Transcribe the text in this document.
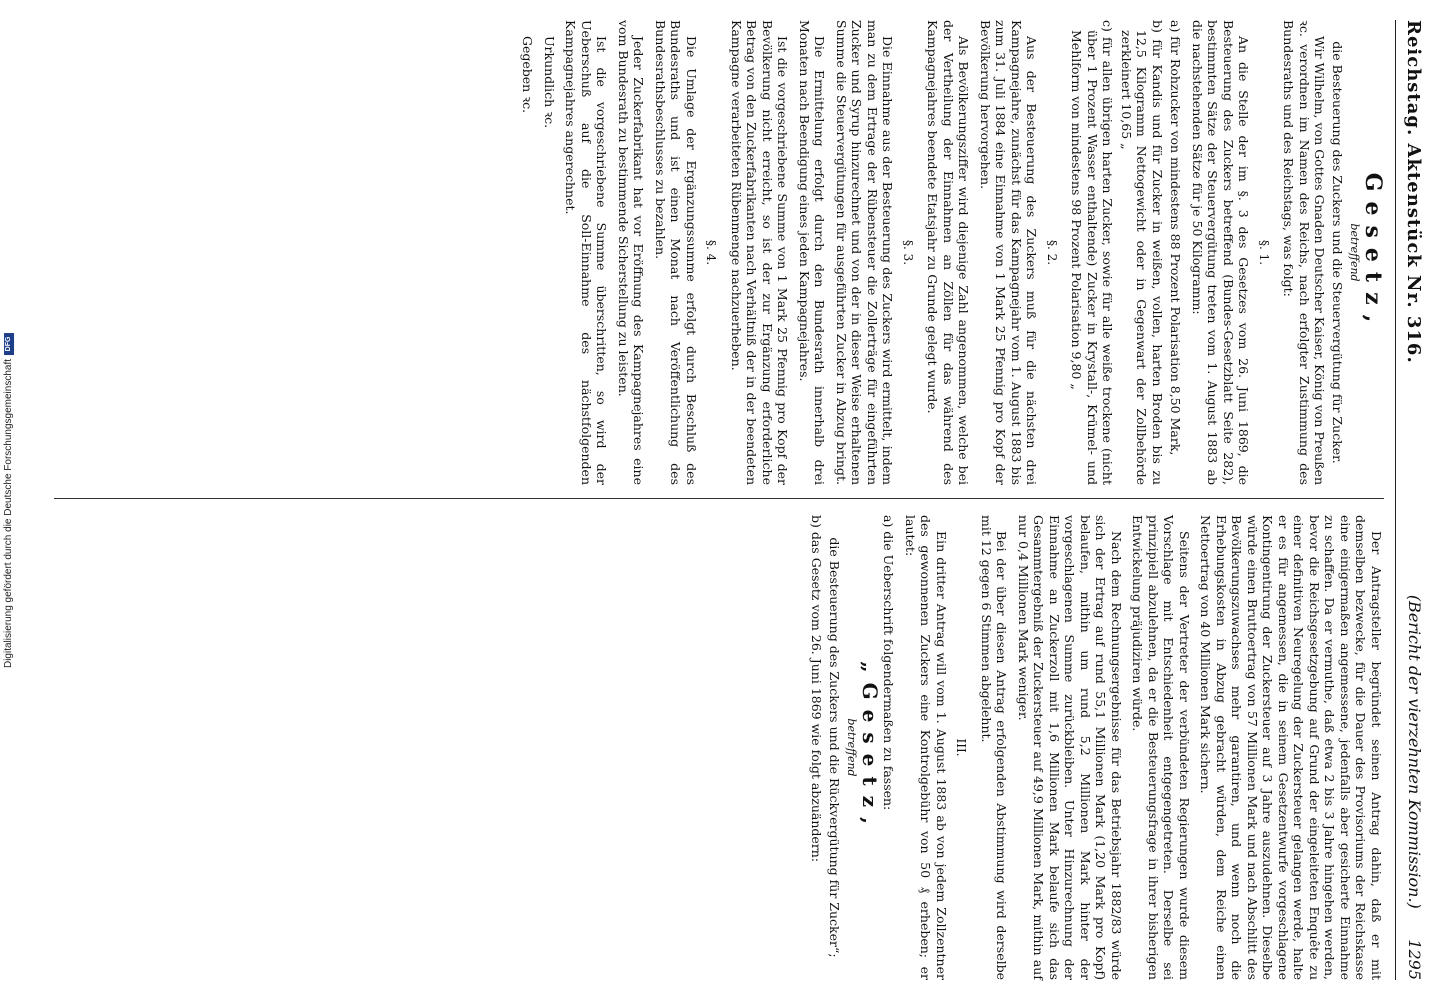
Digitalisierung gefördert durch die Deutsche Forschungsgemeinschaft
DFG	Reichstag. Aktenstück Nr. 316.
(Bericht der vierzehnten Kommission.)      1295
Gesetz,
betreffend
die Besteuerung des Zuckers und die Steuervergütung für Zucker.

Wir Wilhelm, von Gottes Gnaden Deutscher Kaiser, König von Preußen ꝛc. verordnen im Namen des Reichs, nach erfolgter Zustimmung des Bundesraths und des Reichstags, was folgt:

§. 1.

An die Stelle der im §. 3 des Gesetzes vom 26. Juni 1869, die Besteuerung des Zuckers betreffend (Bundes-Gesetzblatt Seite 282), bestimmten Sätze der Steuervergütung treten vom 1. August 1883 ab die nachstehenden Sätze für je 50 Kilogramm:

a) für Rohzucker von mindestens 88 Prozent Polarisation 8,50 Mark,
b) für Kandis und für Zucker in weißen, vollen, harten Broden bis zu 12,5 Kilogramm Nettogewicht oder in Gegenwart der Zollbehörde zerkleinert 10,65 „
c) für allen übrigen harten Zucker, sowie für alle weiße trockene (nicht über 1 Prozent Wasser enthaltende) Zucker in Krystall-, Krümel- und Mehlform von mindestens 98 Prozent Polarisation 9,80 „
§. 2.

Aus der Besteuerung des Zuckers muß für die nächsten drei Kampagnejahre, zunächst für das Kampagnejahr vom 1. August 1883 bis zum 31. Juli 1884 eine Einnahme von 1 Mark 25 Pfennig pro Kopf der Bevölkerung hervorgehen.

Als Bevölkerungsziffer wird diejenige Zahl angenommen, welche bei der Vertheilung der Einnahmen an Zöllen für das während des Kampagnejahres beendete Etatsjahr zu Grunde gelegt wurde.

§. 3.

Die Einnahme aus der Besteuerung des Zuckers wird ermittelt, indem man zu dem Ertrage der Rübensteuer die Zollerträge für eingeführten Zucker und Syrup hinzurechnet und von der in dieser Weise erhaltenen Summe die Steuervergütungen für ausgeführten Zucker in Abzug bringt.

Die Ermittelung erfolgt durch den Bundesrath innerhalb drei Monaten nach Beendigung eines jeden Kampagnejahres.

Ist die vorgeschriebene Summe von 1 Mark 25 Pfennig pro Kopf der Bevölkerung nicht erreicht, so ist der zur Ergänzung erforderliche Betrag von den Zuckerfabrikanten nach Verhältniß der in der beendeten Kampagne verarbeiteten Rübenmenge nachzuerheben.

§. 4.

Die Umlage der Ergänzungssumme erfolgt durch Beschluß des Bundesraths und ist einen Monat nach Veröffentlichung des Bundesrathsbeschlusses zu bezahlen.

Jeder Zuckerfabrikant hat vor Eröffnung des Kampagnejahres eine vom Bundesrath zu bestimmende Sicherstellung zu leisten.

Ist die vorgeschriebene Summe überschritten, so wird der Ueberschuß auf die Soll-Einnahme des nächstfolgenden Kampagnejahres angerechnet.

Urkundlich ꝛc.

Gegeben ꝛc.

Der Antragsteller begründet seinen Antrag dahin, daß er mit demselben bezwecke, für die Dauer des Provisoriums der Reichskasse eine einigermaßen angemessene, jedenfalls aber gesicherte Einnahme zu schaffen. Da er vermuthe, daß etwa 2 bis 3 Jahre hingehen werden, bevor die Reichsgesetzgebung auf Grund der eingeleiteten Enquête zu einer definitiven Neuregelung der Zuckersteuer gelangen werde, halte er es für angemessen, die in seinem Gesetzentwurfe vorgeschlagene Kontingentirung der Zuckersteuer auf 3 Jahre auszudehnen. Dieselbe würde einen Bruttoertrag von 57 Millionen Mark und nach Abschlitt des Bevölkerungszuwachses mehr garantiren, und wenn noch die Erhebungskosten in Abzug gebracht würden, dem Reiche einen Nettoertrag von 40 Millionen Mark sichern.

Seitens der Vertreter der verbündeten Regierungen wurde diesem Vorschlage mit Entschiedenheit entgegengetreten. Derselbe sei prinzipiell abzulehnen, da er die Besteuerungsfrage in ihrer bisherigen Entwickelung präjudiziren würde.

Nach dem Rechnungsergebnisse für das Betriebsjahr 1882/83 würde sich der Ertrag auf rund 55,1 Millionen Mark (1,20 Mark pro Kopf) belaufen, mithin um rund 5,2 Millionen Mark hinter der vorgeschlagenen Summe zurückbleiben. Unter Hinzurechnung der Einnahme an Zuckerzoll mit 1,6 Millionen Mark belaufe sich das Gesammtergebniß der Zuckersteuer auf 49,9 Millionen Mark, mithin auf nur 0,4 Millionen Mark weniger.

Bei der über diesen Antrag erfolgenden Abstimmung wird derselbe mit 12 gegen 6 Stimmen abgelehnt.

III.

Ein dritter Antrag will vom 1. August 1883 ab von jedem Zollzentner des gewonnenen Zuckers eine Kontrolgebühr von 50 ₰ erheben; er lautet:

a) die Ueberschrift folgendermaßen zu fassen:
„Gesetz,
betreffend
die Besteuerung des Zuckers und die Rückvergütung für Zucker“;
b) das Gesetz vom 26. Juni 1869 wie folgt abzuändern:
